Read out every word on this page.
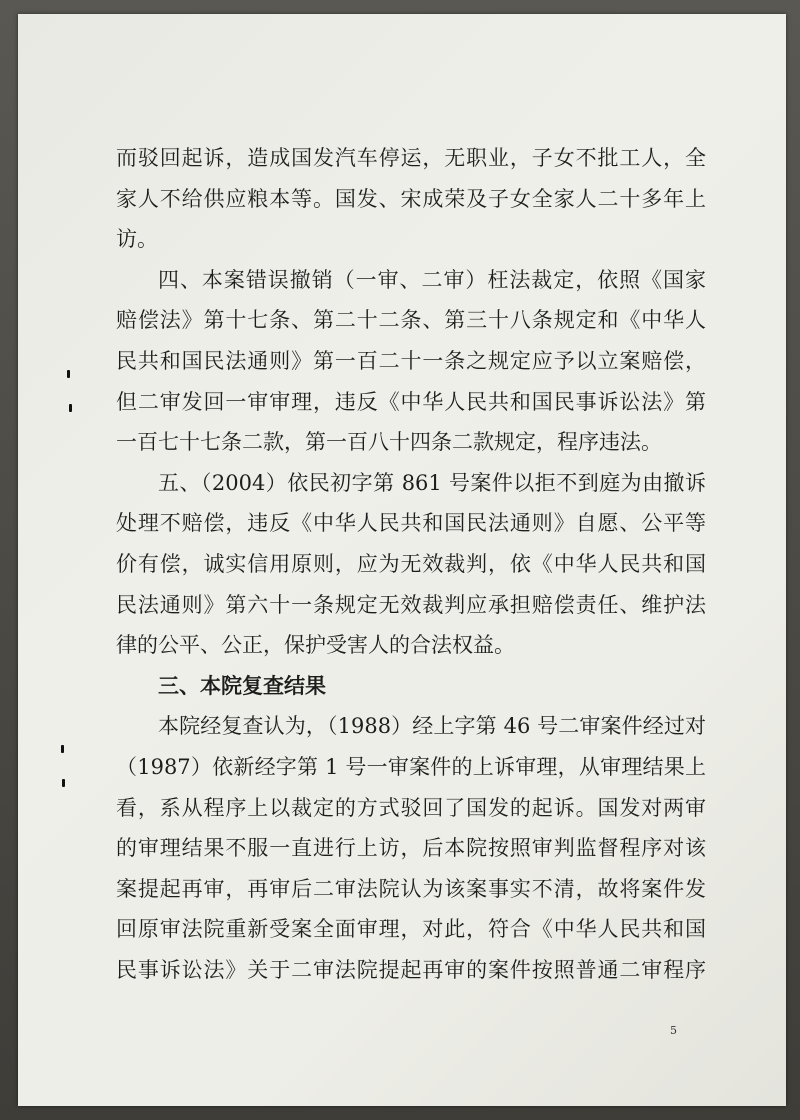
而驳回起诉，造成国发汽车停运，无职业，子女不批工人，全
家人不给供应粮本等。国发、宋成荣及子女全家人二十多年上
访。
四、本案错误撤销（一审、二审）枉法裁定，依照《国家
赔偿法》第十七条、第二十二条、第三十八条规定和《中华人
民共和国民法通则》第一百二十一条之规定应予以立案赔偿，
但二审发回一审审理，违反《中华人民共和国民事诉讼法》第
一百七十七条二款，第一百八十四条二款规定，程序违法。
五、（2004）依民初字第 861 号案件以拒不到庭为由撤诉
处理不赔偿，违反《中华人民共和国民法通则》自愿、公平等
价有偿，诚实信用原则，应为无效裁判，依《中华人民共和国
民法通则》第六十一条规定无效裁判应承担赔偿责任、维护法
律的公平、公正，保护受害人的合法权益。
三、本院复查结果
本院经复查认为，（1988）经上字第 46 号二审案件经过对
（1987）依新经字第 1 号一审案件的上诉审理，从审理结果上
看，系从程序上以裁定的方式驳回了国发的起诉。国发对两审
的审理结果不服一直进行上访，后本院按照审判监督程序对该
案提起再审，再审后二审法院认为该案事实不清，故将案件发
回原审法院重新受案全面审理，对此，符合《中华人民共和国
民事诉讼法》关于二审法院提起再审的案件按照普通二审程序
5
